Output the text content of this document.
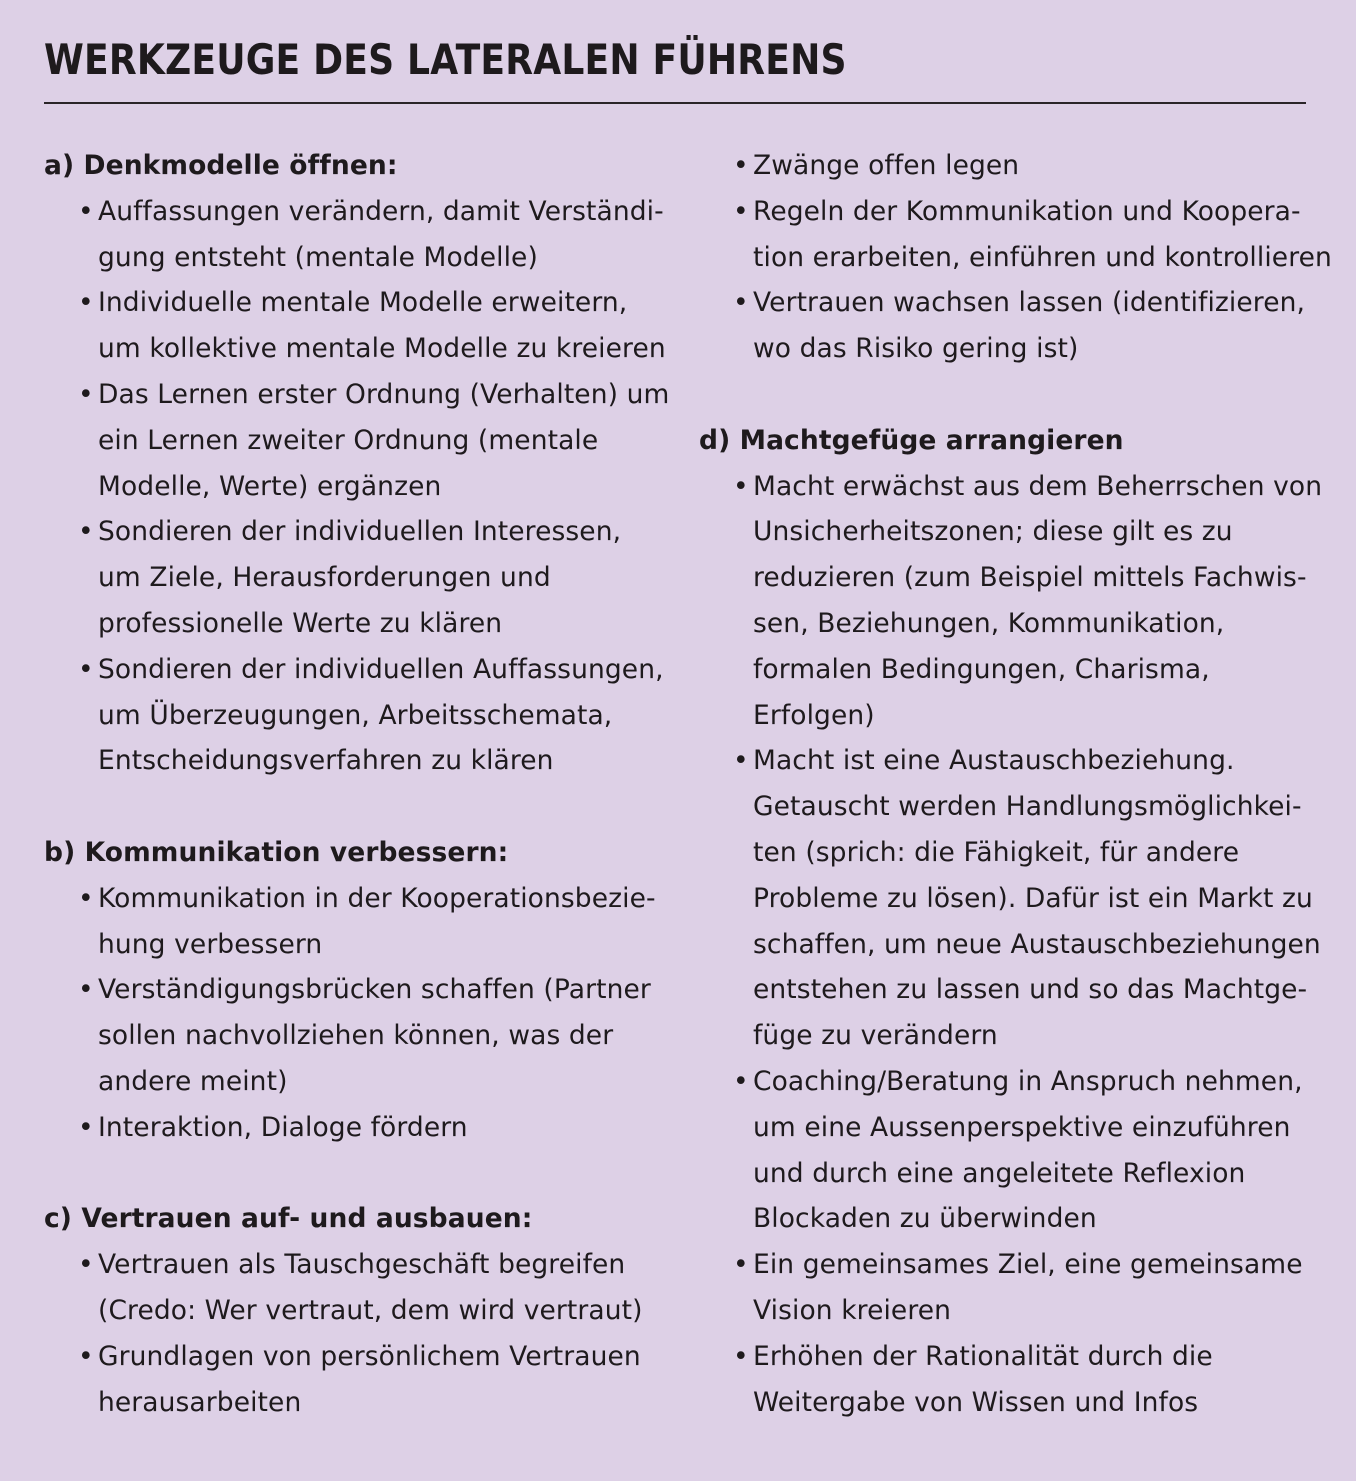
WERKZEUGE DES LATERALEN FÜHRENS
a) Denkmodelle öffnen:
• Auffassungen verändern, damit Verständi-
gung entsteht (mentale Modelle)
• Individuelle mentale Modelle erweitern,
um kollektive mentale Modelle zu kreieren
• Das Lernen erster Ordnung (Verhalten) um
ein Lernen zweiter Ordnung (mentale
Modelle, Werte) ergänzen
• Sondieren der individuellen Interessen,
um Ziele, Herausforderungen und
professionelle Werte zu klären
• Sondieren der individuellen Auffassungen,
um Überzeugungen, Arbeitsschemata,
Entscheidungsverfahren zu klären
b) Kommunikation verbessern:
• Kommunikation in der Kooperationsbezie-
hung verbessern
• Verständigungsbrücken schaffen (Partner
sollen nachvollziehen können, was der
andere meint)
• Interaktion, Dialoge fördern
c) Vertrauen auf- und ausbauen:
• Vertrauen als Tauschgeschäft begreifen
(Credo: Wer vertraut, dem wird vertraut)
• Grundlagen von persönlichem Vertrauen
herausarbeiten
• Zwänge offen legen
• Regeln der Kommunikation und Koopera-
tion erarbeiten, einführen und kontrollieren
• Vertrauen wachsen lassen (identifizieren,
wo das Risiko gering ist)
d) Machtgefüge arrangieren
• Macht erwächst aus dem Beherrschen von
Unsicherheitszonen; diese gilt es zu
reduzieren (zum Beispiel mittels Fachwis-
sen, Beziehungen, Kommunikation,
formalen Bedingungen, Charisma,
Erfolgen)
• Macht ist eine Austauschbeziehung.
Getauscht werden Handlungsmöglichkei-
ten (sprich: die Fähigkeit, für andere
Probleme zu lösen). Dafür ist ein Markt zu
schaffen, um neue Austauschbeziehungen
entstehen zu lassen und so das Machtge-
füge zu verändern
• Coaching/Beratung in Anspruch nehmen,
um eine Aussenperspektive einzuführen
und durch eine angeleitete Reflexion
Blockaden zu überwinden
• Ein gemeinsames Ziel, eine gemeinsame
Vision kreieren
• Erhöhen der Rationalität durch die
Weitergabe von Wissen und Infos
